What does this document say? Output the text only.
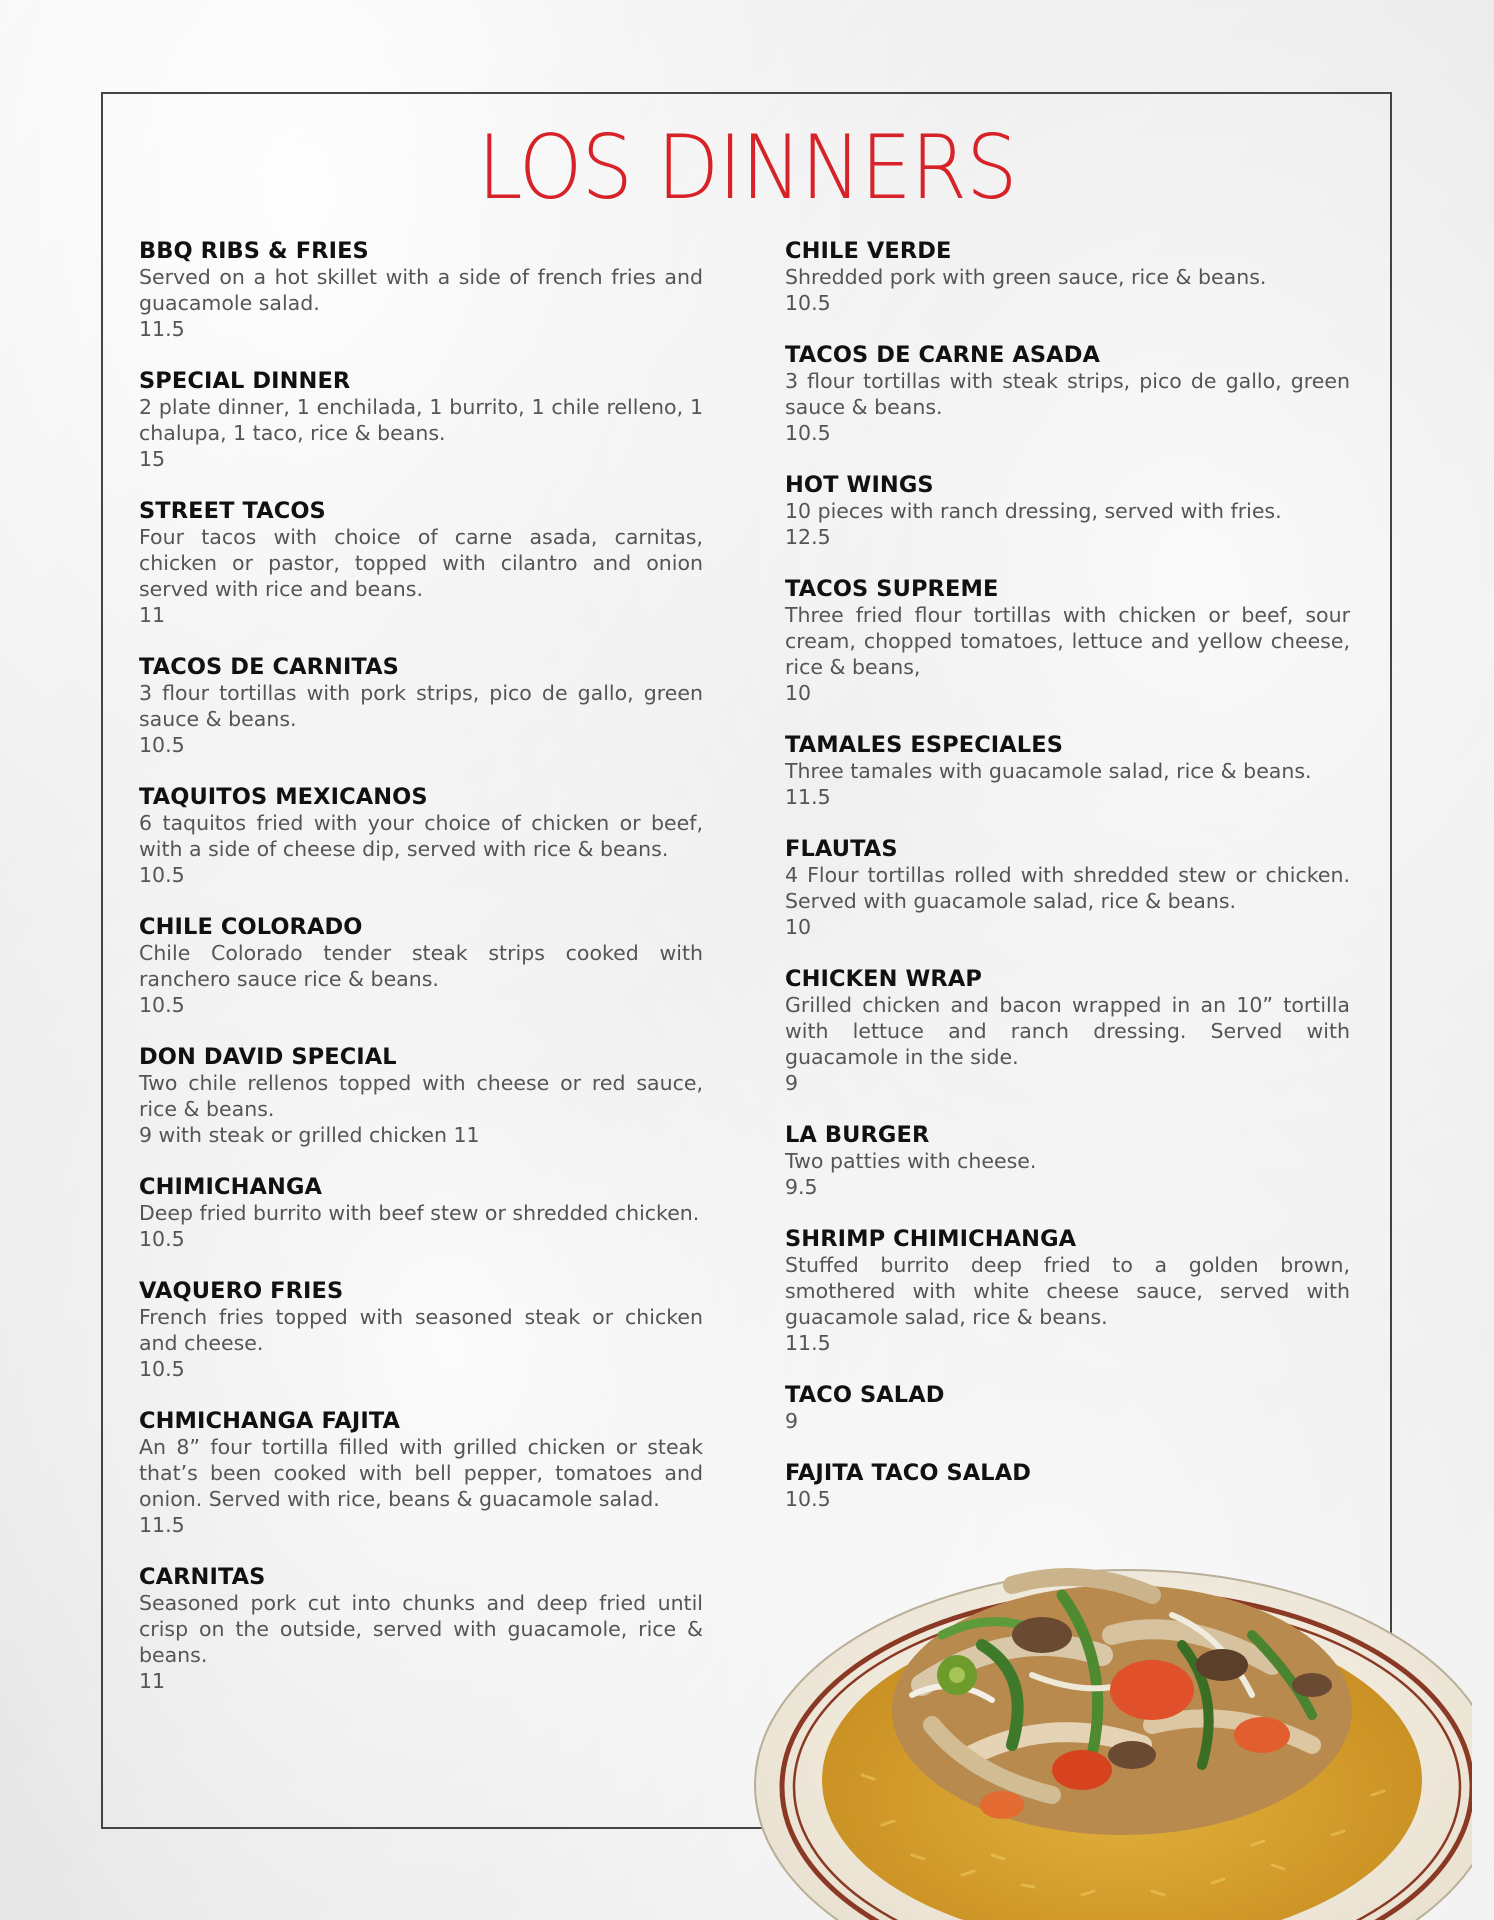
LOS DINNERS
BBQ RIBS & FRIES
Served on a hot skillet with a side of french fries and guacamole salad.
11.5
SPECIAL DINNER
2 plate dinner, 1 enchilada, 1 burrito, 1 chile relleno, 1 chalupa, 1 taco, rice & beans.
15
STREET TACOS
Four tacos with choice of carne asada, carnitas, chicken or pastor, topped with cilantro and onion served with rice and beans.
11
TACOS DE CARNITAS
3 flour tortillas with pork strips, pico de gallo, green sauce & beans.
10.5
TAQUITOS MEXICANOS
6 taquitos fried with your choice of chicken or beef, with a side of cheese dip, served with rice & beans.
10.5
CHILE COLORADO
Chile Colorado tender steak strips cooked with ranchero sauce rice & beans.
10.5
DON DAVID SPECIAL
Two chile rellenos topped with cheese or red sauce, rice & beans.
9 with steak or grilled chicken 11
CHIMICHANGA
Deep fried burrito with beef stew or shredded chicken.
10.5
VAQUERO FRIES
French fries topped with seasoned steak or chicken and cheese.
10.5
CHMICHANGA FAJITA
An 8” four tortilla filled with grilled chicken or steak that’s been cooked with bell pepper, tomatoes and onion. Served with rice, beans & guacamole salad.
11.5
CARNITAS
Seasoned pork cut into chunks and deep fried until crisp on the outside, served with guacamole, rice & beans.
11
CHILE VERDE
Shredded pork with green sauce, rice & beans.
10.5
TACOS DE CARNE ASADA
3 flour tortillas with steak strips, pico de gallo, green sauce & beans.
10.5
HOT WINGS
10 pieces with ranch dressing, served with fries.
12.5
TACOS SUPREME
Three fried flour tortillas with chicken or beef, sour cream, chopped tomatoes, lettuce and yellow cheese, rice & beans,
10
TAMALES ESPECIALES
Three tamales with guacamole salad, rice & beans.
11.5
FLAUTAS
4 Flour tortillas rolled with shredded stew or chicken. Served with guacamole salad, rice & beans.
10
CHICKEN WRAP
Grilled chicken and bacon wrapped in an 10” tortilla with lettuce and ranch dressing. Served with guacamole in the side.
9
LA BURGER
Two patties with cheese.
9.5
SHRIMP CHIMICHANGA
Stuffed burrito deep fried to a golden brown, smothered with white cheese sauce, served with guacamole salad, rice & beans.
11.5
TACO SALAD
9
FAJITA TACO SALAD
10.5
